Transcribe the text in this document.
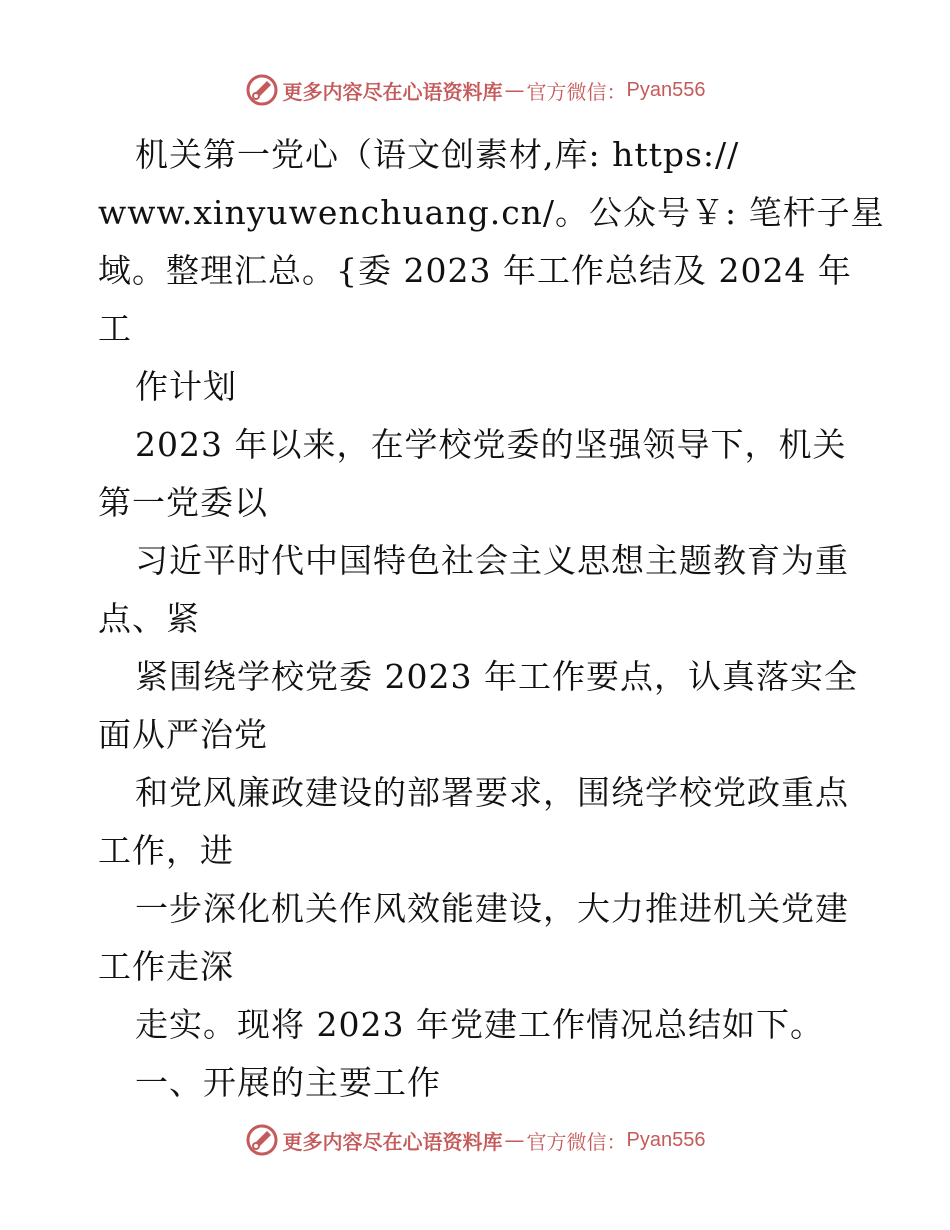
更多内容尽在心语资料库 — 官方微信： Pyan556
机关第一党心（语文创素材,库: https://
www.xinyuwenchuang.cn/。公众号￥: 笔杆子星
域。整理汇总。{委 2023 年工作总结及 2024 年
工
作计划
2023 年以来，在学校党委的坚强领导下，机关
第一党委以
习近平时代中国特色社会主义思想主题教育为重
点、紧
紧围绕学校党委 2023 年工作要点，认真落实全
面从严治党
和党风廉政建设的部署要求，围绕学校党政重点
工作，进
一步深化机关作风效能建设，大力推进机关党建
工作走深
走实。现将 2023 年党建工作情况总结如下。
一、开展的主要工作
更多内容尽在心语资料库 — 官方微信： Pyan556
